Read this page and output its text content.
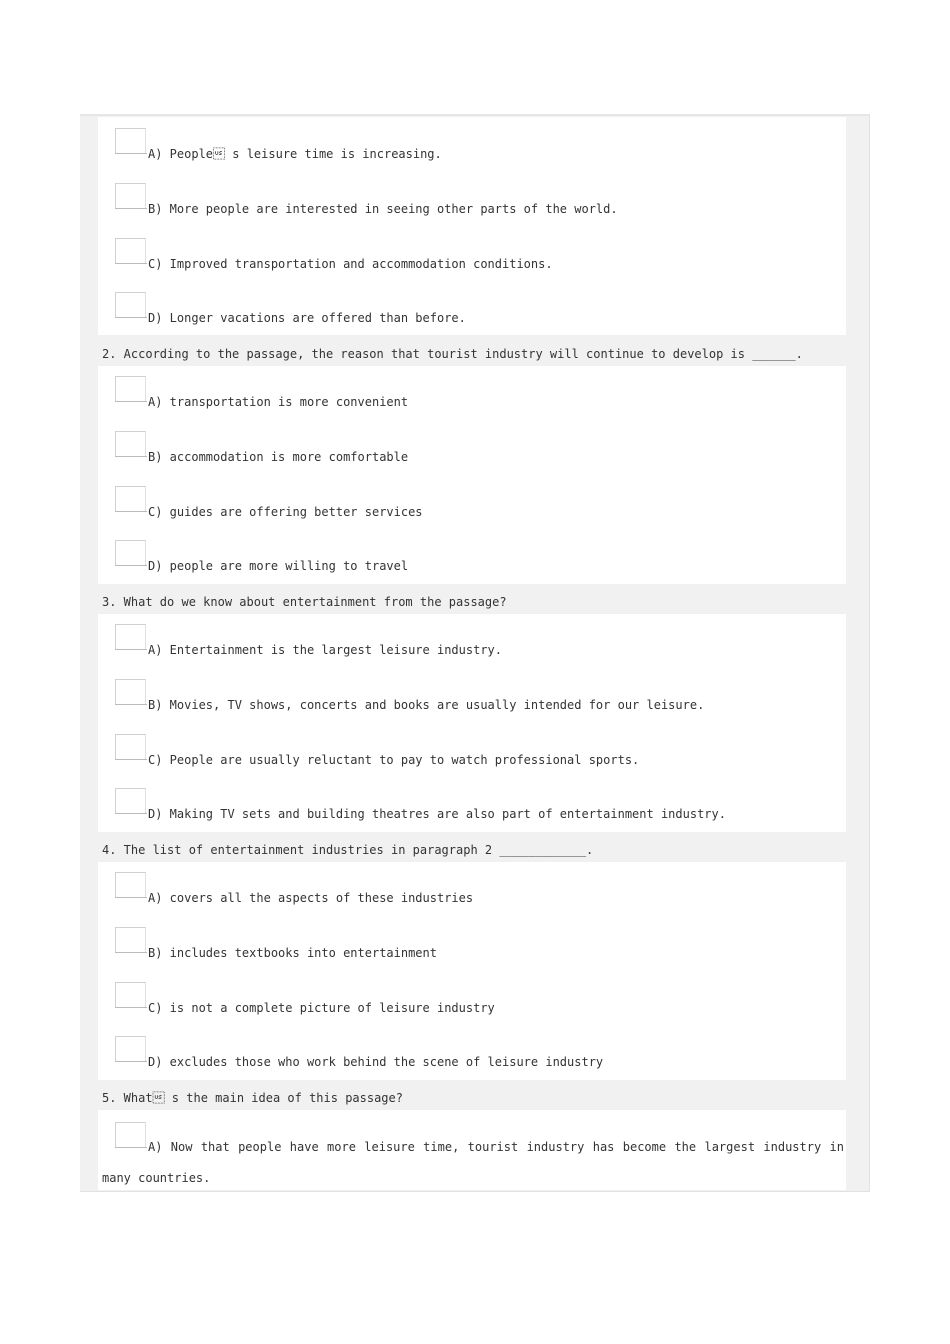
A) People s leisure time is increasing.
B) More people are interested in seeing other parts of the world.
C) Improved transportation and accommodation conditions.
D) Longer vacations are offered than before.
2. According to the passage, the reason that tourist industry will continue to develop is ______.
A) transportation is more convenient
B) accommodation is more comfortable
C) guides are offering better services
D) people are more willing to travel
3. What do we know about entertainment from the passage?
A) Entertainment is the largest leisure industry.
B) Movies, TV shows, concerts and books are usually intended for our leisure.
C) People are usually reluctant to pay to watch professional sports.
D) Making TV sets and building theatres are also part of entertainment industry.
4. The list of entertainment industries in paragraph 2 ____________.
A) covers all the aspects of these industries
B) includes textbooks into entertainment
C) is not a complete picture of leisure industry
D) excludes those who work behind the scene of leisure industry
5. What s the main idea of this passage?
A) Now that people have more leisure time, tourist industry has become the largest industry in many countries.
